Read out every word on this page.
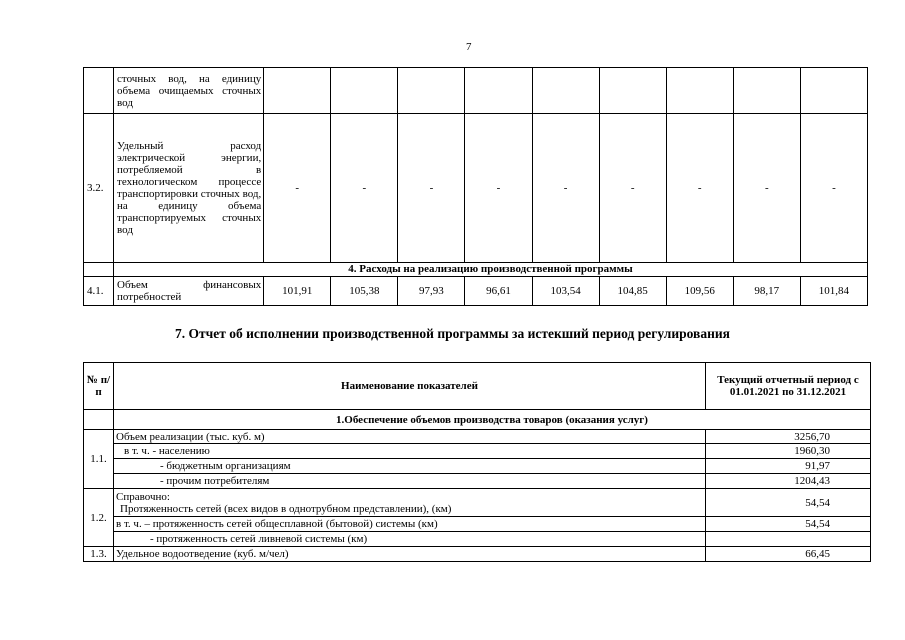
7
	сточных вод, на единицу объема очищаемых сточных вод									
3.2.	Удельный расход электрической энергии, потребляемой в технологическом процессе транспортировки сточных вод, на единицу объема транспортируемых сточных вод	-	-	-	-	-	-	-	-	-
	4. Расходы на реализацию производственной программы									
4.1.	Объем финансовых потребностей	101,91	105,38	97,93	96,61	103,54	104,85	109,56	98,17	101,84
7. Отчет об исполнении производственной программы за истекший период регулирования
№ п/п	Наименование показателей	Текущий отчетный период с 01.01.2021 по 31.12.2021
	1.Обеспечение объемов производства товаров (оказания услуг)	
1.1.	Объем реализации (тыс. куб. м)	3256,70
	в т. ч. - населению	1960,30
	- бюджетным организациям	91,97
	- прочим потребителям	1204,43
1.2.	Справочно:
Протяженность сетей (всех видов в однотрубном представлении), (км)	54,54
	в т. ч. – протяженность сетей общесплавной (бытовой) системы (км)	54,54
	- протяженность сетей ливневой системы (км)	
1.3.	Удельное водоотведение (куб. м/чел)	66,45
